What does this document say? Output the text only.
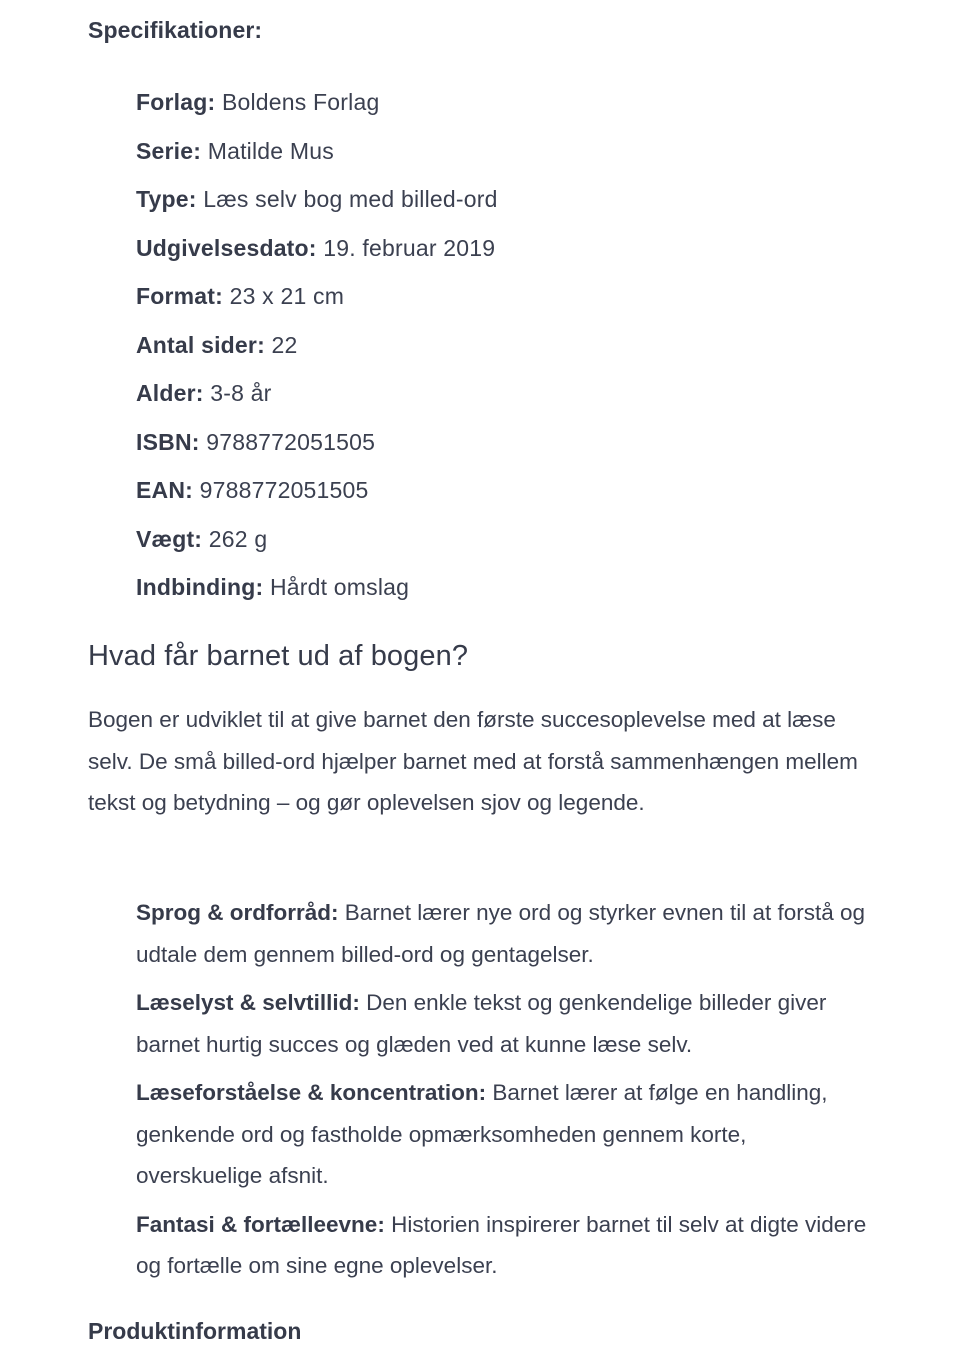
Specifikationer:
Forlag: Boldens Forlag
Serie: Matilde Mus
Type: Læs selv bog med billed-ord
Udgivelsesdato: 19. februar 2019
Format: 23 x 21 cm
Antal sider: 22
Alder: 3-8 år
ISBN: 9788772051505
EAN: 9788772051505
Vægt: 262 g
Indbinding: Hårdt omslag
Hvad får barnet ud af bogen?

Bogen er udviklet til at give barnet den første succesoplevelse med at læse selv. De små billed-ord hjælper barnet med at forstå sammenhængen mellem tekst og betydning – og gør oplevelsen sjov og legende.

Sprog & ordforråd: Barnet lærer nye ord og styrker evnen til at forstå og udtale dem gennem billed-ord og gentagelser.
Læselyst & selvtillid: Den enkle tekst og genkendelige billeder giver barnet hurtig succes og glæden ved at kunne læse selv.
Læseforståelse & koncentration: Barnet lærer at følge en handling, genkende ord og fastholde opmærksomheden gennem korte, overskuelige afsnit.
Fantasi & fortælleevne: Historien inspirerer barnet til selv at digte videre og fortælle om sine egne oplevelser.
Produktinformation
